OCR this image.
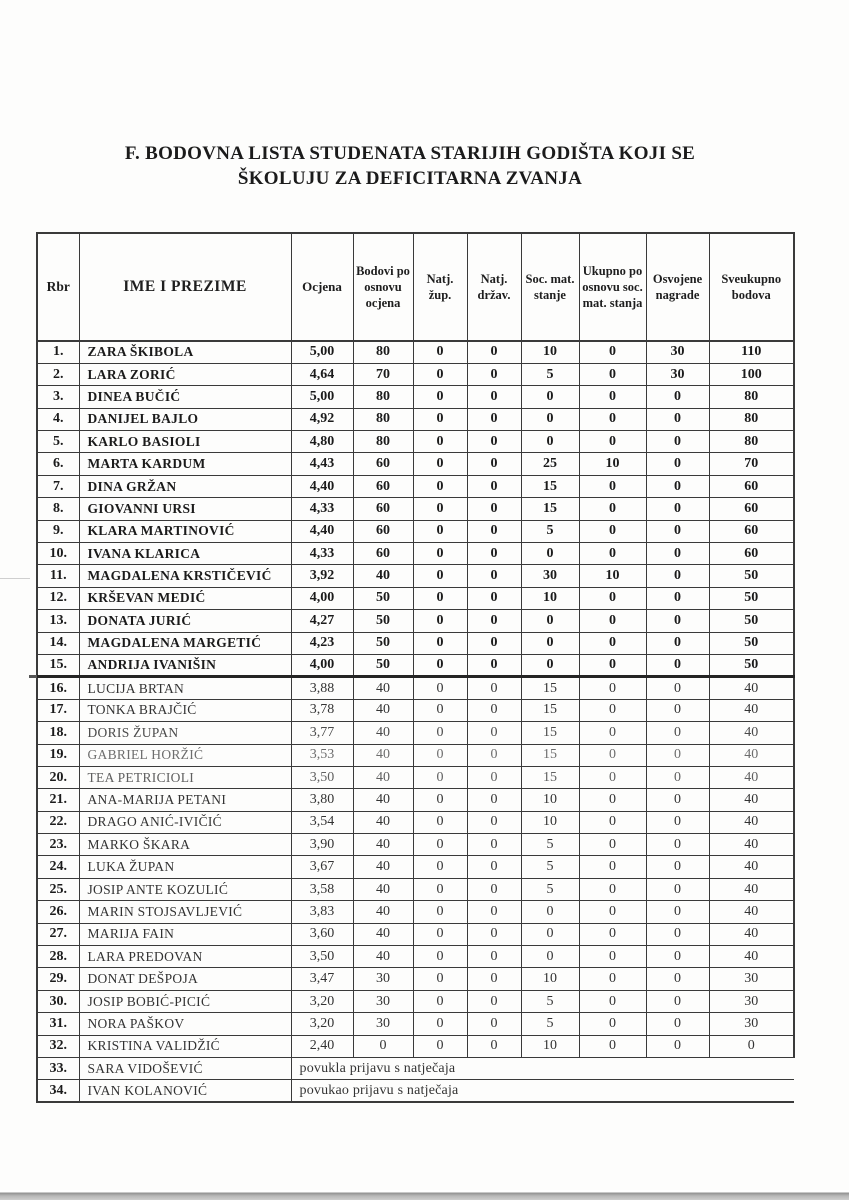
F. BODOVNA LISTA STUDENATA STARIJIH GODIŠTA KOJI SE
ŠKOLUJU ZA DEFICITARNA ZVANJA
Rbr	IME I PREZIME	Ocjena	Bodovi po osnovu ocjena	Natj. žup.	Natj. držav.	Soc. mat. stanje	Ukupno po osnovu soc. mat. stanja	Osvojene nagrade	Sveukupno bodova
1.	ZARA ŠKIBOLA	5,00	80	0	0	10	0	30	110
2.	LARA ZORIĆ	4,64	70	0	0	5	0	30	100
3.	DINEA BUČIĆ	5,00	80	0	0	0	0	0	80
4.	DANIJEL BAJLO	4,92	80	0	0	0	0	0	80
5.	KARLO BASIOLI	4,80	80	0	0	0	0	0	80
6.	MARTA KARDUM	4,43	60	0	0	25	10	0	70
7.	DINA GRŽAN	4,40	60	0	0	15	0	0	60
8.	GIOVANNI URSI	4,33	60	0	0	15	0	0	60
9.	KLARA MARTINOVIĆ	4,40	60	0	0	5	0	0	60
10.	IVANA KLARICA	4,33	60	0	0	0	0	0	60
11.	MAGDALENA KRSTIČEVIĆ	3,92	40	0	0	30	10	0	50
12.	KRŠEVAN MEDIĆ	4,00	50	0	0	10	0	0	50
13.	DONATA JURIĆ	4,27	50	0	0	0	0	0	50
14.	MAGDALENA MARGETIĆ	4,23	50	0	0	0	0	0	50
15.	ANDRIJA IVANIŠIN	4,00	50	0	0	0	0	0	50
16.	LUCIJA BRTAN	3,88	40	0	0	15	0	0	40
17.	TONKA BRAJČIĆ	3,78	40	0	0	15	0	0	40
18.	DORIS ŽUPAN	3,77	40	0	0	15	0	0	40
19.	GABRIEL HORŽIĆ	3,53	40	0	0	15	0	0	40
20.	TEA PETRICIOLI	3,50	40	0	0	15	0	0	40
21.	ANA-MARIJA PETANI	3,80	40	0	0	10	0	0	40
22.	DRAGO ANIĆ-IVIČIĆ	3,54	40	0	0	10	0	0	40
23.	MARKO ŠKARA	3,90	40	0	0	5	0	0	40
24.	LUKA ŽUPAN	3,67	40	0	0	5	0	0	40
25.	JOSIP ANTE KOZULIĆ	3,58	40	0	0	5	0	0	40
26.	MARIN STOJSAVLJEVIĆ	3,83	40	0	0	0	0	0	40
27.	MARIJA FAIN	3,60	40	0	0	0	0	0	40
28.	LARA PREDOVAN	3,50	40	0	0	0	0	0	40
29.	DONAT DEŠPOJA	3,47	30	0	0	10	0	0	30
30.	JOSIP BOBIĆ-PICIĆ	3,20	30	0	0	5	0	0	30
31.	NORA PAŠKOV	3,20	30	0	0	5	0	0	30
32.	KRISTINA VALIDŽIĆ	2,40	0	0	0	10	0	0	0
33.	SARA VIDOŠEVIĆ	povukla prijavu s natječaja							
34.	IVAN KOLANOVIĆ	povukao prijavu s natječaja							
